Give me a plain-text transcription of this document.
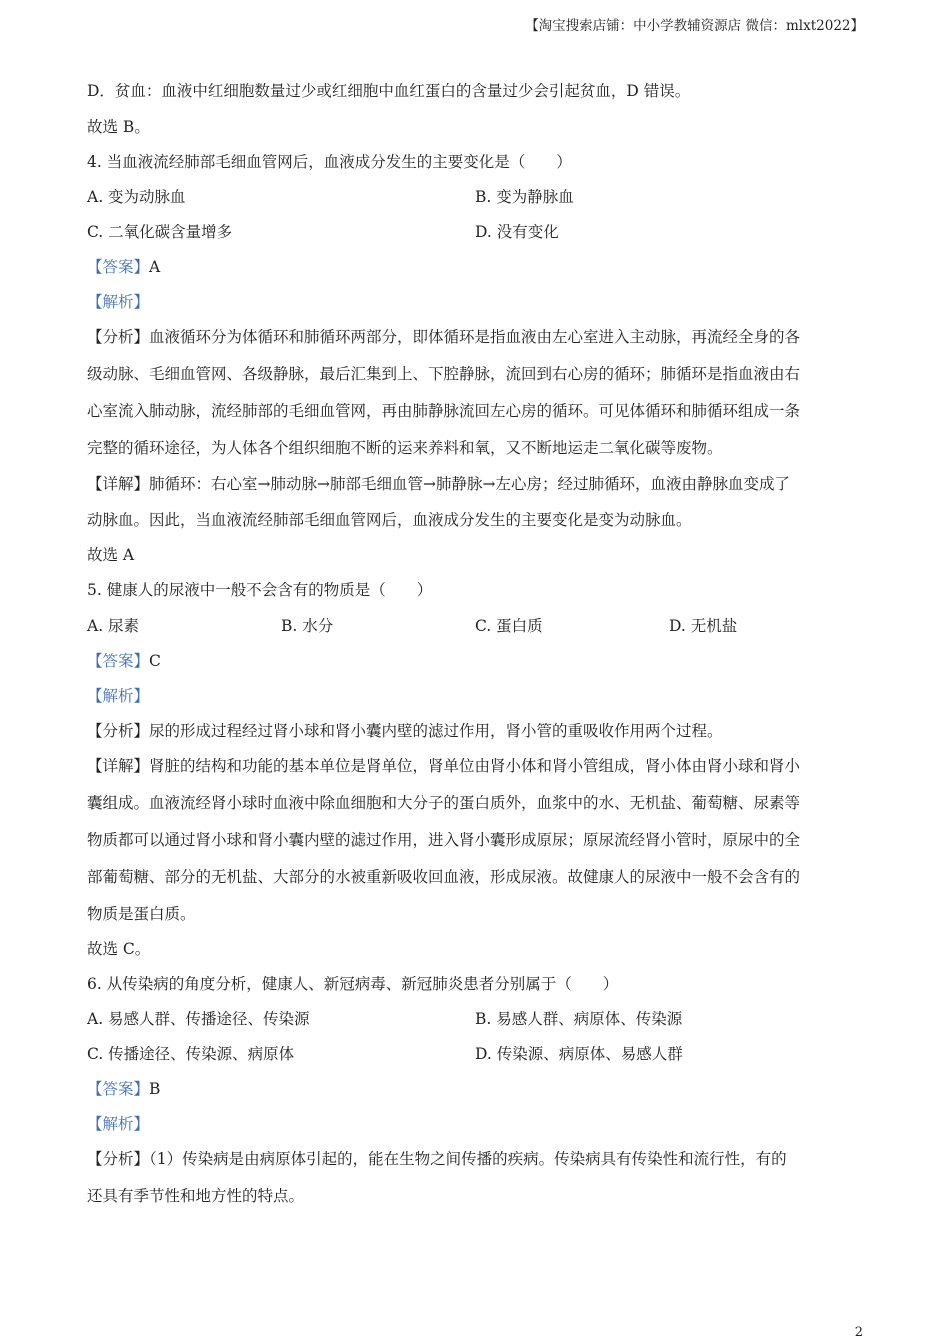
【淘宝搜索店铺：中小学教辅资源店 微信：mlxt2022】
D．贫血：血液中红细胞数量过少或红细胞中血红蛋白的含量过少会引起贫血，D 错误。
故选 B。
4. 当血液流经肺部毛细血管网后，血液成分发生的主要变化是（　　）
A. 变为动脉血	B. 变为静脉血
C. 二氧化碳含量增多	D. 没有变化
【答案】A
【解析】
【分析】血液循环分为体循环和肺循环两部分，即体循环是指血液由左心室进入主动脉，再流经全身的各
级动脉、毛细血管网、各级静脉，最后汇集到上、下腔静脉，流回到右心房的循环；肺循环是指血液由右
心室流入肺动脉，流经肺部的毛细血管网，再由肺静脉流回左心房的循环。可见体循环和肺循环组成一条
完整的循环途径，为人体各个组织细胞不断的运来养料和氧，又不断地运走二氧化碳等废物。
【详解】肺循环：右心室→肺动脉→肺部毛细血管→肺静脉→左心房；经过肺循环，血液由静脉血变成了
动脉血。因此，当血液流经肺部毛细血管网后，血液成分发生的主要变化是变为动脉血。
故选 A
5. 健康人的尿液中一般不会含有的物质是（　　）
A. 尿素	B. 水分	C. 蛋白质	D. 无机盐
【答案】C
【解析】
【分析】尿的形成过程经过肾小球和肾小囊内壁的滤过作用，肾小管的重吸收作用两个过程。
【详解】肾脏的结构和功能的基本单位是肾单位，肾单位由肾小体和肾小管组成，肾小体由肾小球和肾小
囊组成。血液流经肾小球时血液中除血细胞和大分子的蛋白质外，血浆中的水、无机盐、葡萄糖、尿素等
物质都可以通过肾小球和肾小囊内壁的滤过作用，进入肾小囊形成原尿；原尿流经肾小管时，原尿中的全
部葡萄糖、部分的无机盐、大部分的水被重新吸收回血液，形成尿液。故健康人的尿液中一般不会含有的
物质是蛋白质。
故选 C。
6. 从传染病的角度分析，健康人、新冠病毒、新冠肺炎患者分别属于（　　）
A. 易感人群、传播途径、传染源	B. 易感人群、病原体、传染源
C. 传播途径、传染源、病原体	D. 传染源、病原体、易感人群
【答案】B
【解析】
【分析】（1）传染病是由病原体引起的，能在生物之间传播的疾病。传染病具有传染性和流行性，有的
还具有季节性和地方性的特点。
2
